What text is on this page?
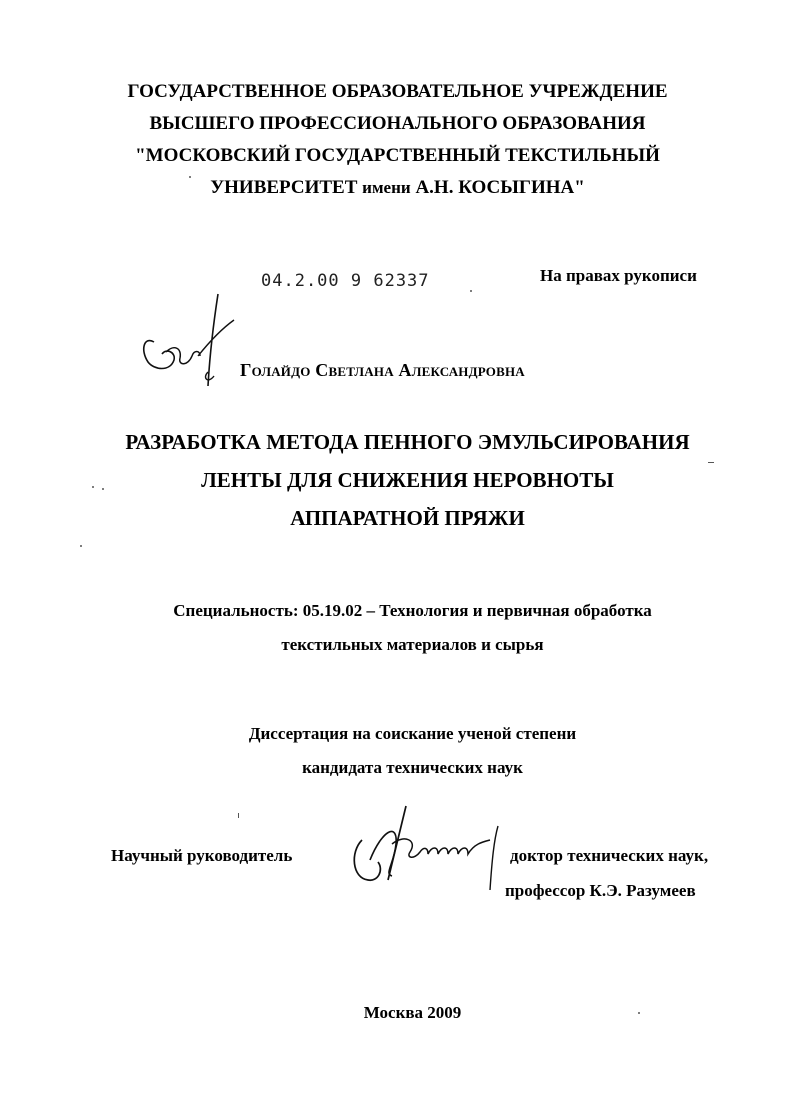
ГОСУДАРСТВЕННОЕ ОБРАЗОВАТЕЛЬНОЕ УЧРЕЖДЕНИЕ
ВЫСШЕГО ПРОФЕССИОНАЛЬНОГО ОБРАЗОВАНИЯ
"МОСКОВСКИЙ ГОСУДАРСТВЕННЫЙ ТЕКСТИЛЬНЫЙ
УНИВЕРСИТЕТ имени А.Н. КОСЫГИНА"
04.2.00 9 62337	На правах рукописи
Голайдо Светлана Александровна
РАЗРАБОТКА МЕТОДА ПЕННОГО ЭМУЛЬСИРОВАНИЯ
ЛЕНТЫ ДЛЯ СНИЖЕНИЯ НЕРОВНОТЫ
АППАРАТНОЙ ПРЯЖИ
Специальность: 05.19.02 – Технология и первичная обработка
текстильных материалов и сырья
Диссертация на соискание ученой степени
кандидата технических наук
Научный руководитель	доктор технических наук,
профессор К.Э. Разумеев
Москва 2009
